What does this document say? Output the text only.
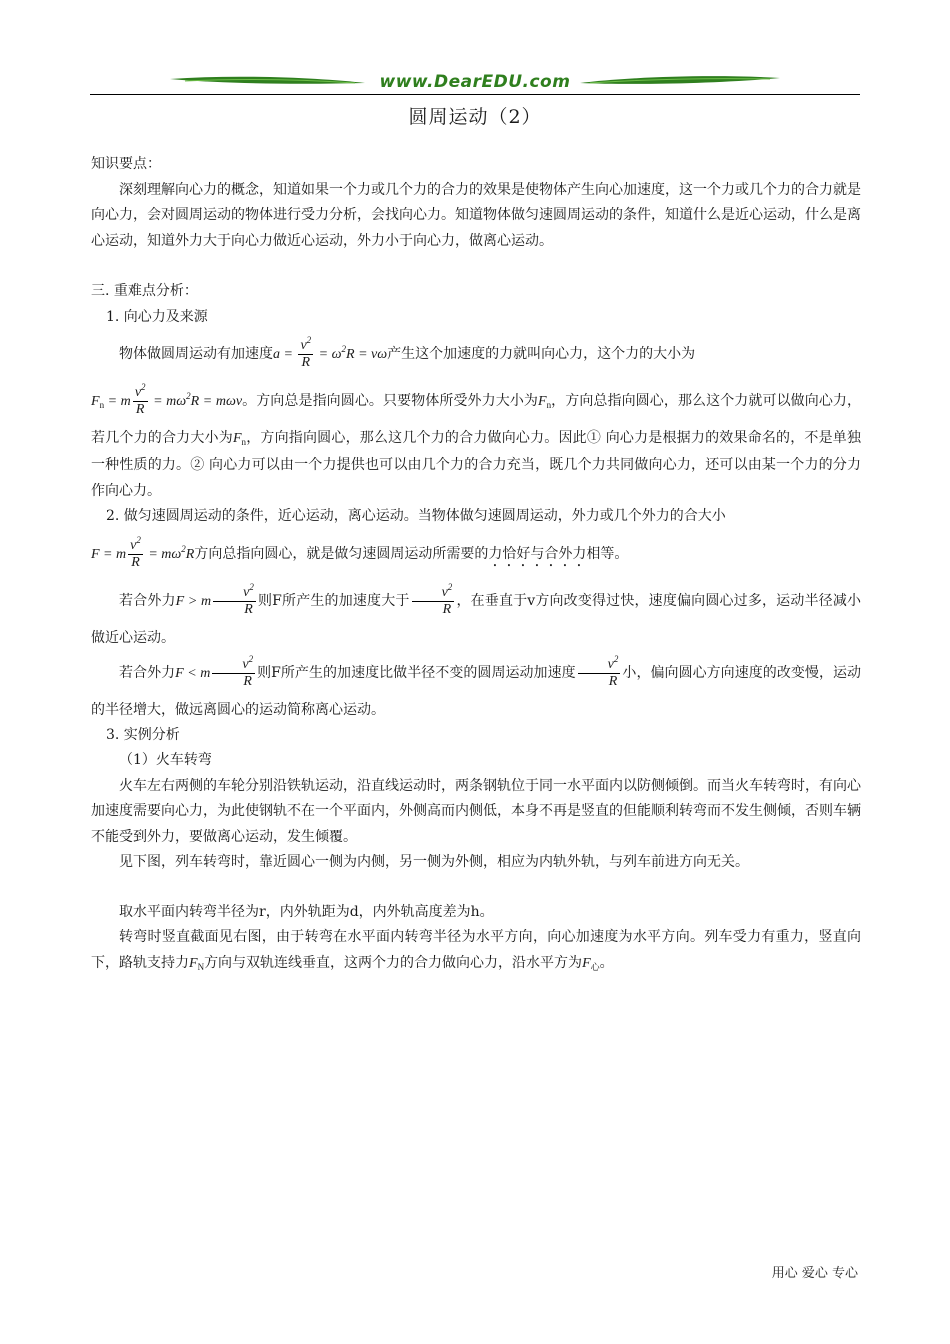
www.DearEDU.com
圆周运动（2）

知识要点：

深刻理解向心力的概念，知道如果一个力或几个力的合力的效果是使物体产生向心加速度，这一个力或几个力的合力就是向心力，会对圆周运动的物体进行受力分析，会找向心力。知道物体做匀速圆周运动的条件，知道什么是近心运动，什么是离心运动，知道外力大于向心力做近心运动，外力小于向心力，做离心运动。

三. 重难点分析：

1. 向心力及来源

物体做圆周运动有加速度$a = \frac{v^2}{R} = \omega^2R = v\omega$产生这个加速度的力就叫向心力，这个力的大小为

$F_n = m \frac{v^2}{R} = m\omega^2R = m\omega v$。方向总是指向圆心。只要物体所受外力大小为$F_n$，方向总指向圆心，那么这个力就可以做向心力，若几个力的合力大小为$F_n$，方向指向圆心，那么这几个力的合力做向心力。因此① 向心力是根据力的效果命名的，不是单独一种性质的力。② 向心力可以由一个力提供也可以由几个力的合力充当，既几个力共同做向心力，还可以由某一个力的分力作向心力。

2. 做匀速圆周运动的条件，近心运动，离心运动。当物体做匀速圆周运动，外力或几个外力的合大小

F = m $\frac{v^2}{R} = m\omega^2R$方向总指向圆心，就是做匀速圆周运动所需要的力恰好与合外力相等。

若合外力F > m $\frac{v^2}{R}$ 则F所产生的加速度大于 $\frac{v^2}{R}$ ，在垂直于v方向改变得过快，速度偏向圆心过多，运动半径减小做近心运动。

若合外力F < m $\frac{v^2}{R}$ 则F所产生的加速度比做半径不变的圆周运动加速度 $\frac{v^2}{R}$ 小，偏向圆心方向速度的改变慢，运动的半径增大，做远离圆心的运动简称离心运动。

3. 实例分析

（1）火车转弯

火车左右两侧的车轮分别沿铁轨运动，沿直线运动时，两条钢轨位于同一水平面内以防侧倾倒。而当火车转弯时，有向心加速度需要向心力，为此使钢轨不在一个平面内，外侧高而内侧低，本身不再是竖直的但能顺利转弯而不发生侧倾，否则车辆不能受到外力，要做离心运动，发生倾覆。

见下图，列车转弯时，靠近圆心一侧为内侧，另一侧为外侧，相应为内轨外轨，与列车前进方向无关。

取水平面内转弯半径为r，内外轨距为d，内外轨高度差为h。

转弯时竖直截面见右图，由于转弯在水平面内转弯半径为水平方向，向心加速度为水平方向。列车受力有重力，竖直向下，路轨支持力$F_N$方向与双轨连线垂直，这两个力的合力做向心力，沿水平方为$F_心$。

用心 爱心 专心
